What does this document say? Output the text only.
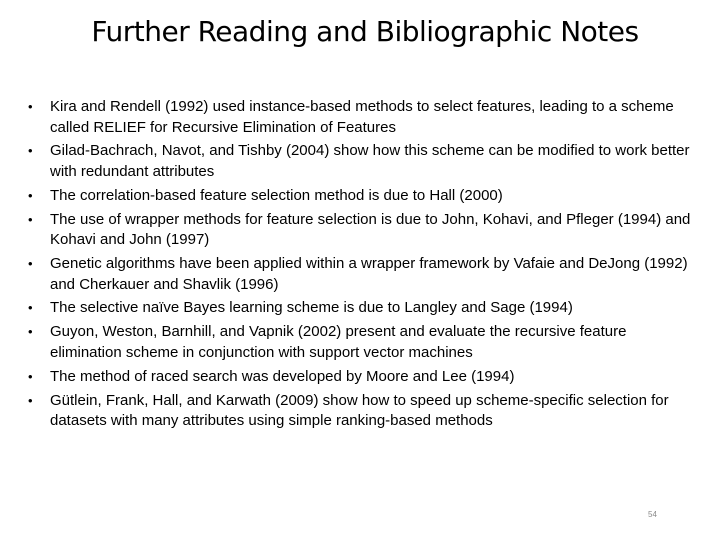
Further Reading and Bibliographic Notes
•	Kira and Rendell (1992) used instance-based methods to select features, leading to a scheme called RELIEF for Recursive Elimination of Features
•	Gilad-Bachrach, Navot, and Tishby (2004) show how this scheme can be modified to work better with redundant attributes
•	The correlation-based feature selection method is due to Hall (2000)
•	The use of wrapper methods for feature selection is due to John, Kohavi, and Pfleger (1994) and Kohavi and John (1997)
•	Genetic algorithms have been applied within a wrapper framework by Vafaie and DeJong (1992) and Cherkauer and Shavlik (1996)
•	The selective naïve Bayes learning scheme is due to Langley and Sage (1994)
•	Guyon, Weston, Barnhill, and Vapnik (2002) present and evaluate the recursive feature elimination scheme in conjunction with support vector machines
•	The method of raced search was developed by Moore and Lee (1994)
•	Gütlein, Frank, Hall, and Karwath (2009) show how to speed up scheme-specific selection for datasets with many attributes using simple ranking-based methods
54
